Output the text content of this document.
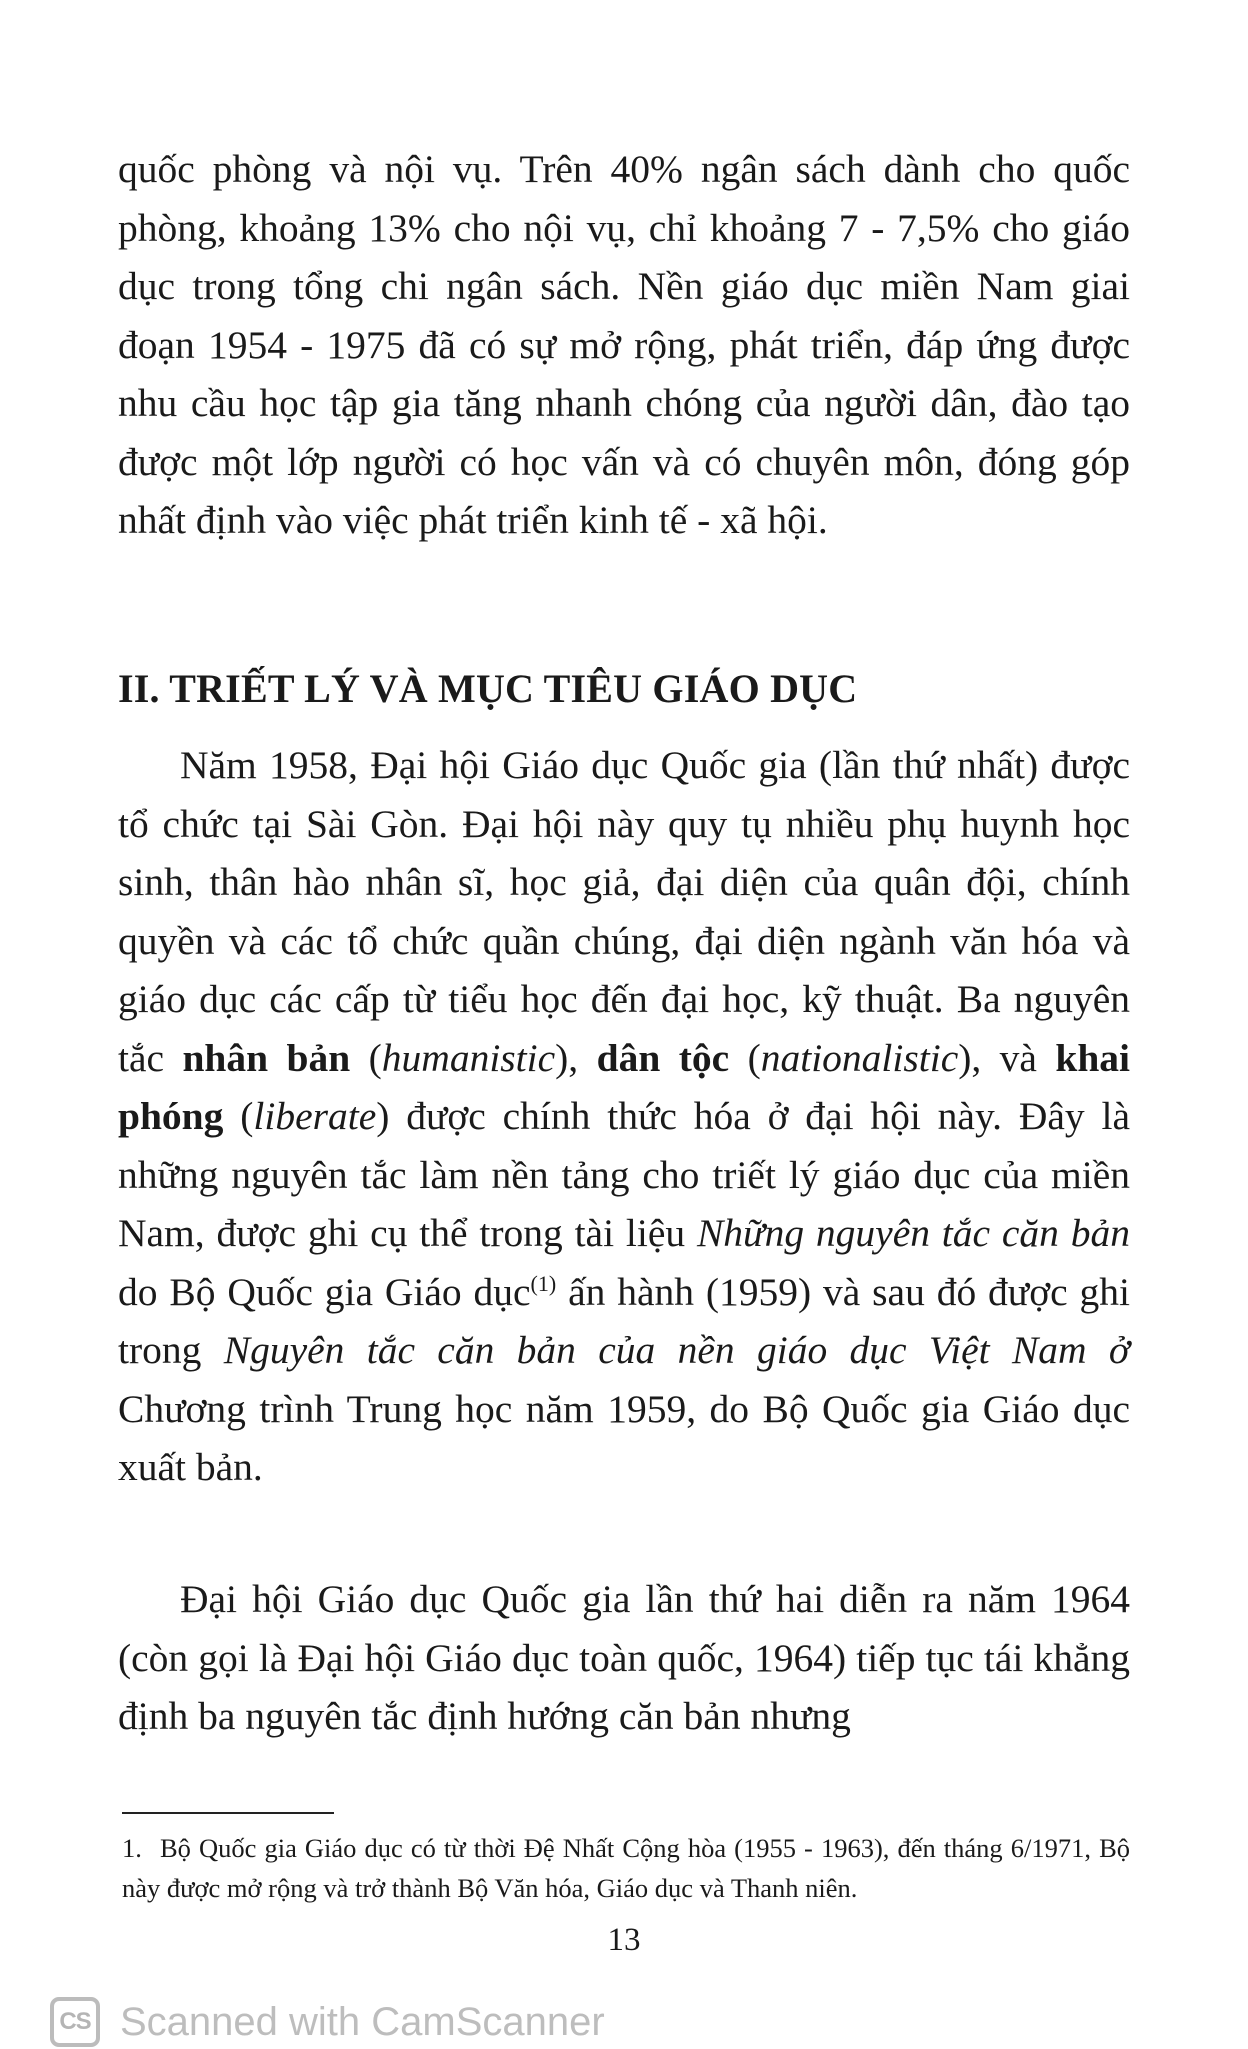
quốc phòng và nội vụ. Trên 40% ngân sách dành cho quốc phòng, khoảng 13% cho nội vụ, chỉ khoảng 7 - 7,5% cho giáo dục trong tổng chi ngân sách. Nền giáo dục miền Nam giai đoạn 1954 - 1975 đã có sự mở rộng, phát triển, đáp ứng được nhu cầu học tập gia tăng nhanh chóng của người dân, đào tạo được một lớp người có học vấn và có chuyên môn, đóng góp nhất định vào việc phát triển kinh tế - xã hội.

II. TRIẾT LÝ VÀ MỤC TIÊU GIÁO DỤC

Năm 1958, Đại hội Giáo dục Quốc gia (lần thứ nhất) được tổ chức tại Sài Gòn. Đại hội này quy tụ nhiều phụ huynh học sinh, thân hào nhân sĩ, học giả, đại diện của quân đội, chính quyền và các tổ chức quần chúng, đại diện ngành văn hóa và giáo dục các cấp từ tiểu học đến đại học, kỹ thuật. Ba nguyên tắc nhân bản (humanistic), dân tộc (nationalistic), và khai phóng (liberate) được chính thức hóa ở đại hội này. Đây là những nguyên tắc làm nền tảng cho triết lý giáo dục của miền Nam, được ghi cụ thể trong tài liệu Những nguyên tắc căn bản do Bộ Quốc gia Giáo dục$^{(1)}$ ấn hành (1959) và sau đó được ghi trong Nguyên tắc căn bản của nền giáo dục Việt Nam ở Chương trình Trung học năm 1959, do Bộ Quốc gia Giáo dục xuất bản.

Đại hội Giáo dục Quốc gia lần thứ hai diễn ra năm 1964 (còn gọi là Đại hội Giáo dục toàn quốc, 1964) tiếp tục tái khẳng định ba nguyên tắc định hướng căn bản nhưng

1. Bộ Quốc gia Giáo dục có từ thời Đệ Nhất Cộng hòa (1955 - 1963), đến tháng 6/1971, Bộ này được mở rộng và trở thành Bộ Văn hóa, Giáo dục và Thanh niên.

13
CS Scanned with CamScanner
